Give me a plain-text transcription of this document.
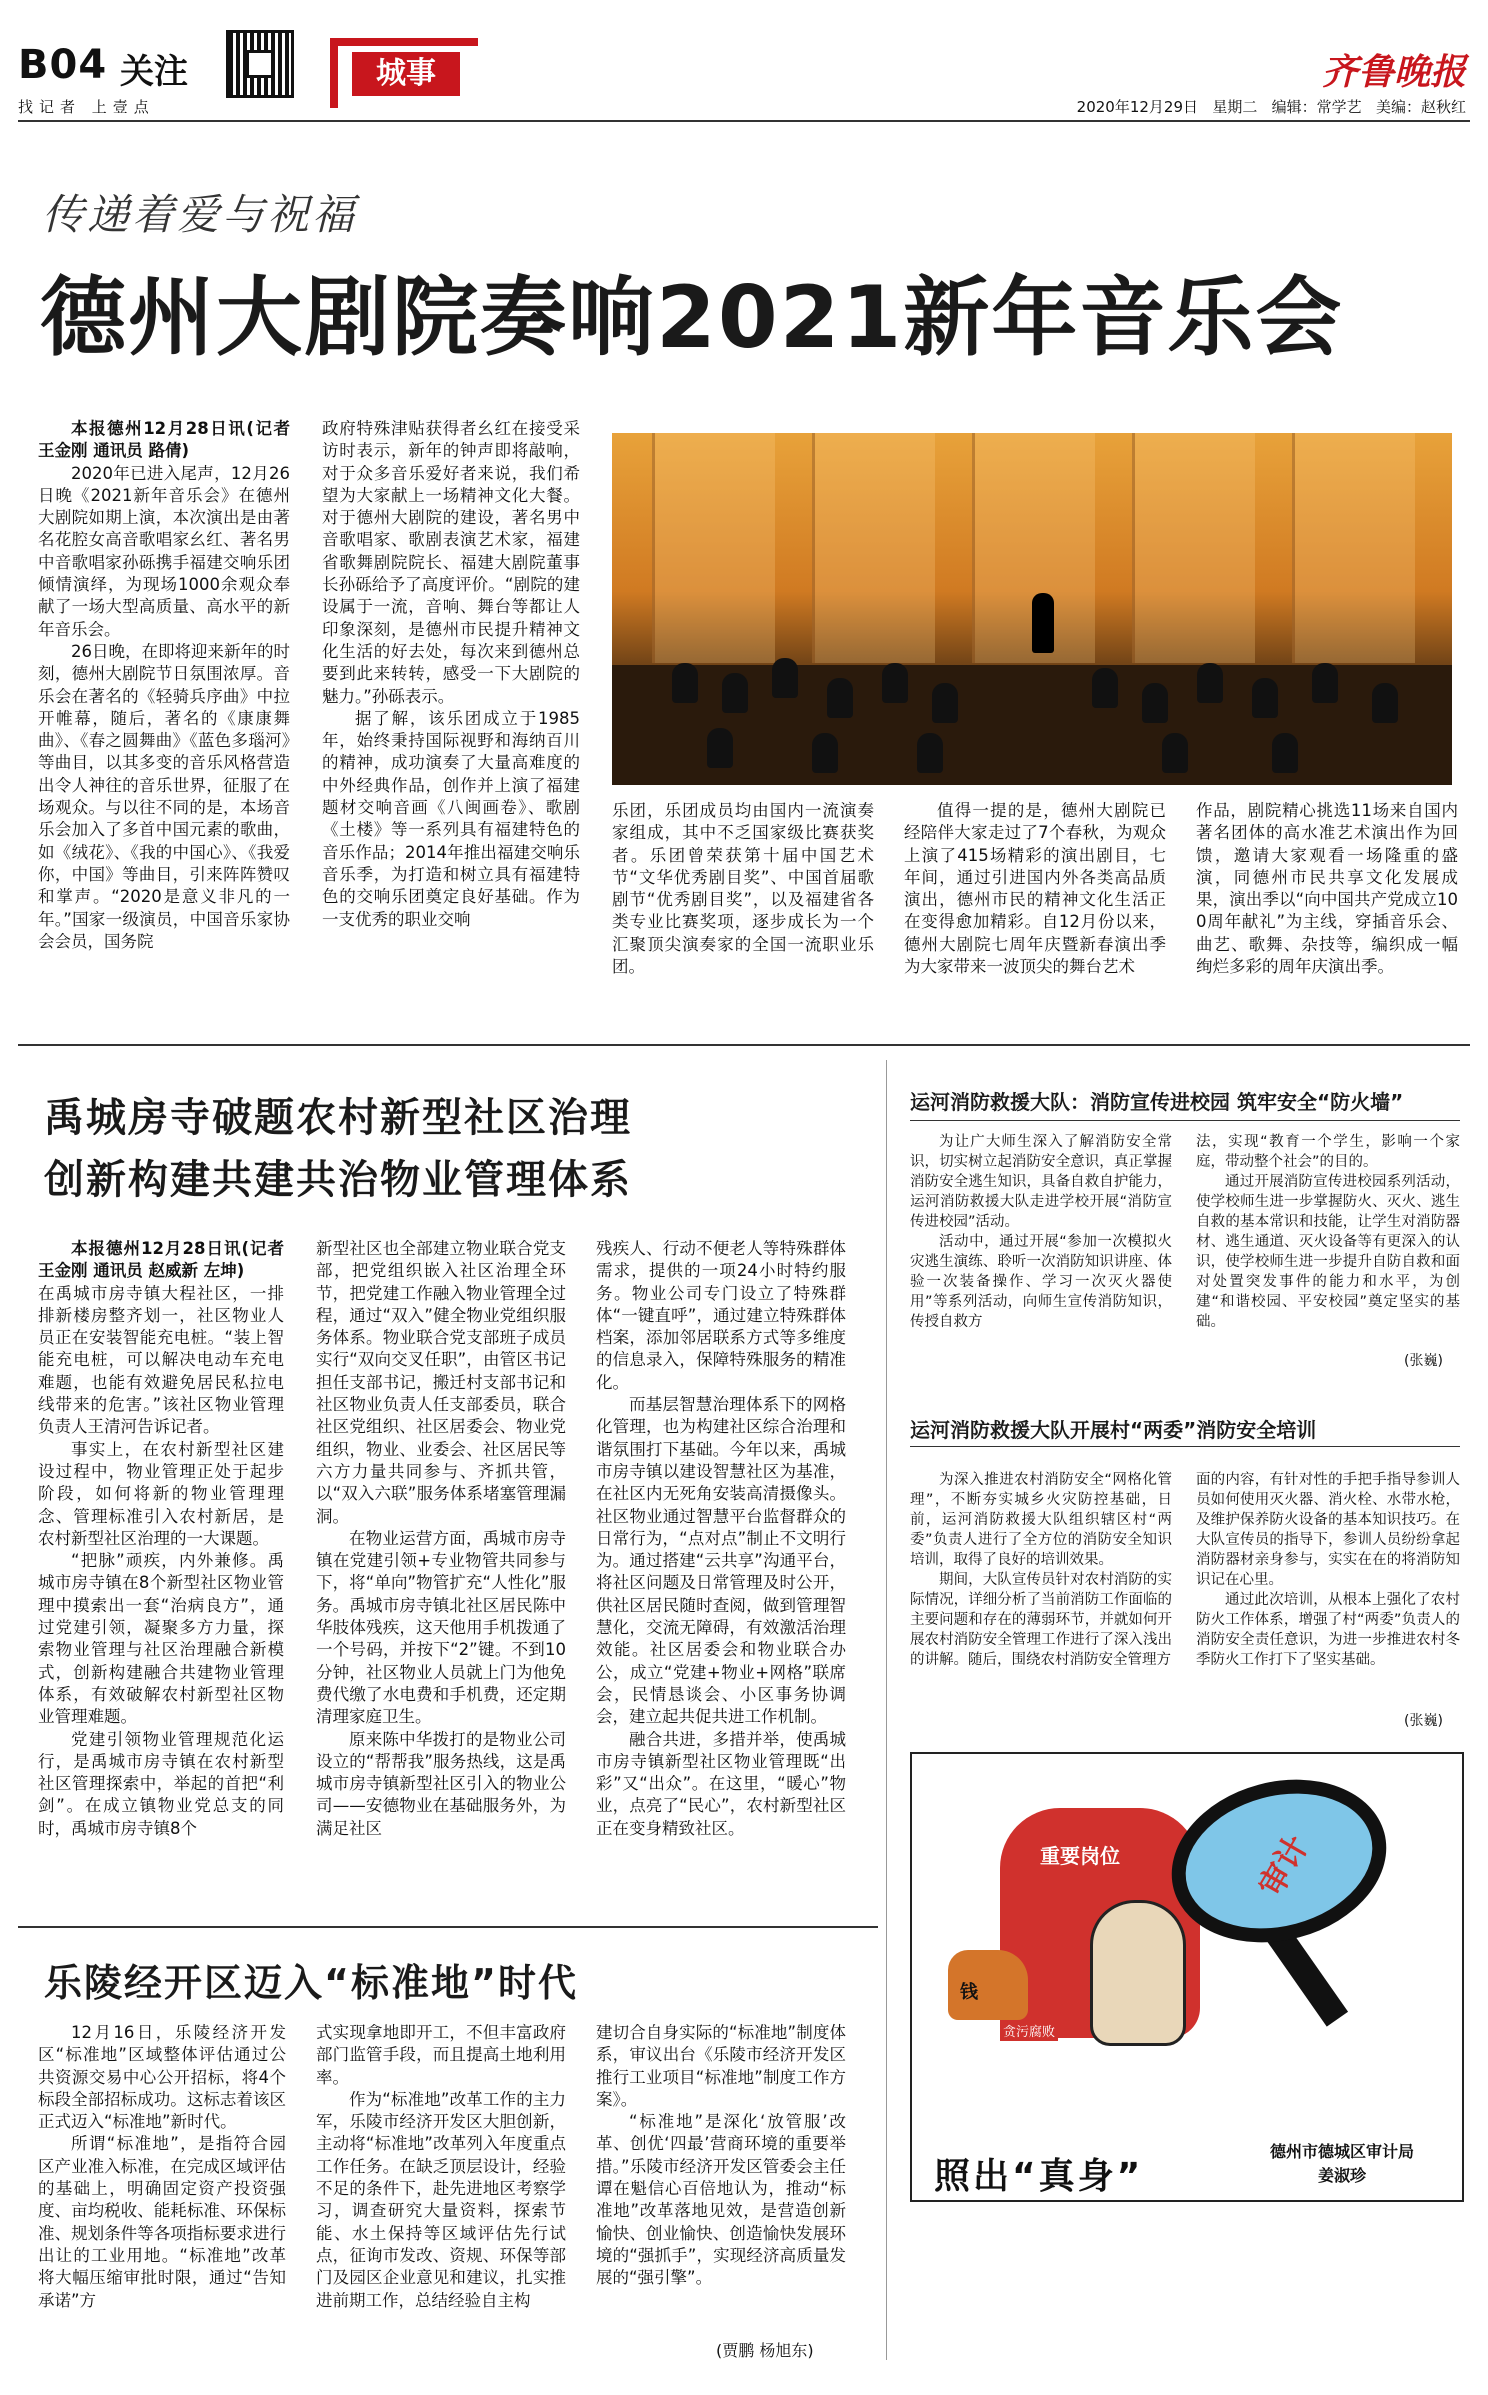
B04 关注	城事	齐鲁晚报
找记者 上壹点	2020年12月29日 星期二 编辑：常学艺 美编：赵秋红
传递着爱与祝福
德州大剧院奏响2021新年音乐会

本报德州12月28日讯(记者 王金刚 通讯员 路倩)

2020年已进入尾声，12月26日晚《2021新年音乐会》在德州大剧院如期上演，本次演出是由著名花腔女高音歌唱家幺红、著名男中音歌唱家孙砾携手福建交响乐团倾情演绎，为现场1000余观众奉献了一场大型高质量、高水平的新年音乐会。

26日晚，在即将迎来新年的时刻，德州大剧院节日氛围浓厚。音乐会在著名的《轻骑兵序曲》中拉开帷幕，随后，著名的《康康舞曲》、《春之圆舞曲》《蓝色多瑙河》等曲目，以其多变的音乐风格营造出令人神往的音乐世界，征服了在场观众。与以往不同的是，本场音乐会加入了多首中国元素的歌曲，如《绒花》、《我的中国心》、《我爱你，中国》等曲目，引来阵阵赞叹和掌声。“2020是意义非凡的一年。”国家一级演员，中国音乐家协会会员，国务院

政府特殊津贴获得者幺红在接受采访时表示，新年的钟声即将敲响，对于众多音乐爱好者来说，我们希望为大家献上一场精神文化大餐。对于德州大剧院的建设，著名男中音歌唱家、歌剧表演艺术家，福建省歌舞剧院院长、福建大剧院董事长孙砾给予了高度评价。“剧院的建设属于一流，音响、舞台等都让人印象深刻，是德州市民提升精神文化生活的好去处，每次来到德州总要到此来转转，感受一下大剧院的魅力。”孙砾表示。

据了解，该乐团成立于1985年，始终秉持国际视野和海纳百川的精神，成功演奏了大量高难度的中外经典作品，创作并上演了福建题材交响音画《八闽画卷》、歌剧《土楼》等一系列具有福建特色的音乐作品；2014年推出福建交响乐音乐季，为打造和树立具有福建特色的交响乐团奠定良好基础。作为一支优秀的职业交响

乐团，乐团成员均由国内一流演奏家组成，其中不乏国家级比赛获奖者。乐团曾荣获第十届中国艺术节“文华优秀剧目奖”、中国首届歌剧节“优秀剧目奖”，以及福建省各类专业比赛奖项，逐步成长为一个汇聚顶尖演奏家的全国一流职业乐团。

值得一提的是，德州大剧院已经陪伴大家走过了7个春秋，为观众上演了415场精彩的演出剧目，七年间，通过引进国内外各类高品质演出，德州市民的精神文化生活正在变得愈加精彩。自12月份以来，德州大剧院七周年庆暨新春演出季为大家带来一波顶尖的舞台艺术

作品，剧院精心挑选11场来自国内著名团体的高水准艺术演出作为回馈，邀请大家观看一场隆重的盛演，同德州市民共享文化发展成果，演出季以“向中国共产党成立100周年献礼”为主线，穿插音乐会、曲艺、歌舞、杂技等，编织成一幅绚烂多彩的周年庆演出季。

禹城房寺破题农村新型社区治理
创新构建共建共治物业管理体系

本报德州12月28日讯(记者 王金刚 通讯员 赵威新 左坤)

在禹城市房寺镇大程社区，一排排新楼房整齐划一，社区物业人员正在安装智能充电桩。“装上智能充电桩，可以解决电动车充电难题，也能有效避免居民私拉电线带来的危害。”该社区物业管理负责人王清河告诉记者。

事实上，在农村新型社区建设过程中，物业管理正处于起步阶段，如何将新的物业管理理念、管理标准引入农村新居，是农村新型社区治理的一大课题。

“把脉”顽疾，内外兼修。禹城市房寺镇在8个新型社区物业管理中摸索出一套“治病良方”，通过党建引领，凝聚多方力量，探索物业管理与社区治理融合新模式，创新构建融合共建物业管理体系，有效破解农村新型社区物业管理难题。

党建引领物业管理规范化运行，是禹城市房寺镇在农村新型社区管理探索中，举起的首把“利剑”。在成立镇物业党总支的同时，禹城市房寺镇8个

新型社区也全部建立物业联合党支部，把党组织嵌入社区治理全环节，把党建工作融入物业管理全过程，通过“双入”健全物业党组织服务体系。物业联合党支部班子成员实行“双向交叉任职”，由管区书记担任支部书记，搬迁村支部书记和社区物业负责人任支部委员，联合社区党组织、社区居委会、物业党组织，物业、业委会、社区居民等六方力量共同参与、齐抓共管，以“双入六联”服务体系堵塞管理漏洞。

在物业运营方面，禹城市房寺镇在党建引领+专业物管共同参与下，将“单向”物管扩充“人性化”服务。禹城市房寺镇北社区居民陈中华肢体残疾，这天他用手机拨通了一个号码，并按下“2”键。不到10分钟，社区物业人员就上门为他免费代缴了水电费和手机费，还定期清理家庭卫生。

原来陈中华拨打的是物业公司设立的“帮帮我”服务热线，这是禹城市房寺镇新型社区引入的物业公司——安德物业在基础服务外，为满足社区

残疾人、行动不便老人等特殊群体需求，提供的一项24小时特约服务。物业公司专门设立了特殊群体“一键直呼”，通过建立特殊群体档案，添加邻居联系方式等多维度的信息录入，保障特殊服务的精准化。

而基层智慧治理体系下的网格化管理，也为构建社区综合治理和谐氛围打下基础。今年以来，禹城市房寺镇以建设智慧社区为基准，在社区内无死角安装高清摄像头。社区物业通过智慧平台监督群众的日常行为，“点对点”制止不文明行为。通过搭建“云共享”沟通平台，将社区问题及日常管理及时公开，供社区居民随时查阅，做到管理智慧化，交流无障碍，有效激活治理效能。社区居委会和物业联合办公，成立“党建+物业+网格”联席会，民情恳谈会、小区事务协调会，建立起共促共进工作机制。

融合共进，多措并举，使禹城市房寺镇新型社区物业管理既“出彩”又“出众”。在这里，“暖心”物业，点亮了“民心”，农村新型社区正在变身精致社区。

乐陵经开区迈入“标准地”时代

12月16日，乐陵经济开发区“标准地”区域整体评估通过公共资源交易中心公开招标，将4个标段全部招标成功。这标志着该区正式迈入“标准地”新时代。

所谓“标准地”，是指符合园区产业准入标准，在完成区域评估的基础上，明确固定资产投资强度、亩均税收、能耗标准、环保标准、规划条件等各项指标要求进行出让的工业用地。“标准地”改革将大幅压缩审批时限，通过“告知承诺”方

式实现拿地即开工，不但丰富政府部门监管手段，而且提高土地利用率。

作为“标准地”改革工作的主力军，乐陵市经济开发区大胆创新，主动将“标准地”改革列入年度重点工作任务。在缺乏顶层设计，经验不足的条件下，赴先进地区考察学习，调查研究大量资料，探索节能、水土保持等区域评估先行试点，征询市发改、资规、环保等部门及园区企业意见和建议，扎实推进前期工作，总结经验自主构

建切合自身实际的“标准地”制度体系，审议出台《乐陵市经济开发区推行工业项目“标准地”制度工作方案》。

“标准地”是深化‘放管服’改革、创优‘四最’营商环境的重要举措。”乐陵市经济开发区管委会主任谭在魁信心百倍地认为，推动“标准地”改革落地见效，是营造创新愉快、创业愉快、创造愉快发展环境的“强抓手”，实现经济高质量发展的“强引擎”。

(贾鹏 杨旭东)
运河消防救援大队：消防宣传进校园 筑牢安全“防火墙”

为让广大师生深入了解消防安全常识，切实树立起消防安全意识，真正掌握消防安全逃生知识，具备自救自护能力，运河消防救援大队走进学校开展“消防宣传进校园”活动。

活动中，通过开展“参加一次模拟火灾逃生演练、聆听一次消防知识讲座、体验一次装备操作、学习一次灭火器使用”等系列活动，向师生宣传消防知识，传授自救方

法，实现“教育一个学生，影响一个家庭，带动整个社会”的目的。

通过开展消防宣传进校园系列活动，使学校师生进一步掌握防火、灭火、逃生自救的基本常识和技能，让学生对消防器材、逃生通道、灭火设备等有更深入的认识，使学校师生进一步提升自防自救和面对处置突发事件的能力和水平，为创建“和谐校园、平安校园”奠定坚实的基础。

(张巍)
运河消防救援大队开展村“两委”消防安全培训

为深入推进农村消防安全“网格化管理”，不断夯实城乡火灾防控基础，日前，运河消防救援大队组织辖区村“两委”负责人进行了全方位的消防安全知识培训，取得了良好的培训效果。

期间，大队宣传员针对农村消防的实际情况，详细分析了当前消防工作面临的主要问题和存在的薄弱环节，并就如何开展农村消防安全管理工作进行了深入浅出的讲解。随后，围绕农村消防安全管理方

面的内容，有针对性的手把手指导参训人员如何使用灭火器、消火栓、水带水枪，及维护保养防火设备的基本知识技巧。在大队宣传员的指导下，参训人员纷纷拿起消防器材亲身参与，实实在在的将消防知识记在心里。

通过此次培训，从根本上强化了农村防火工作体系，增强了村“两委”负责人的消防安全责任意识，为进一步推进农村冬季防火工作打下了坚实基础。

(张巍)
重要岗位	审计
钱
贪污腐败
照出“真身”
德州市德城区审计局
姜淑珍
